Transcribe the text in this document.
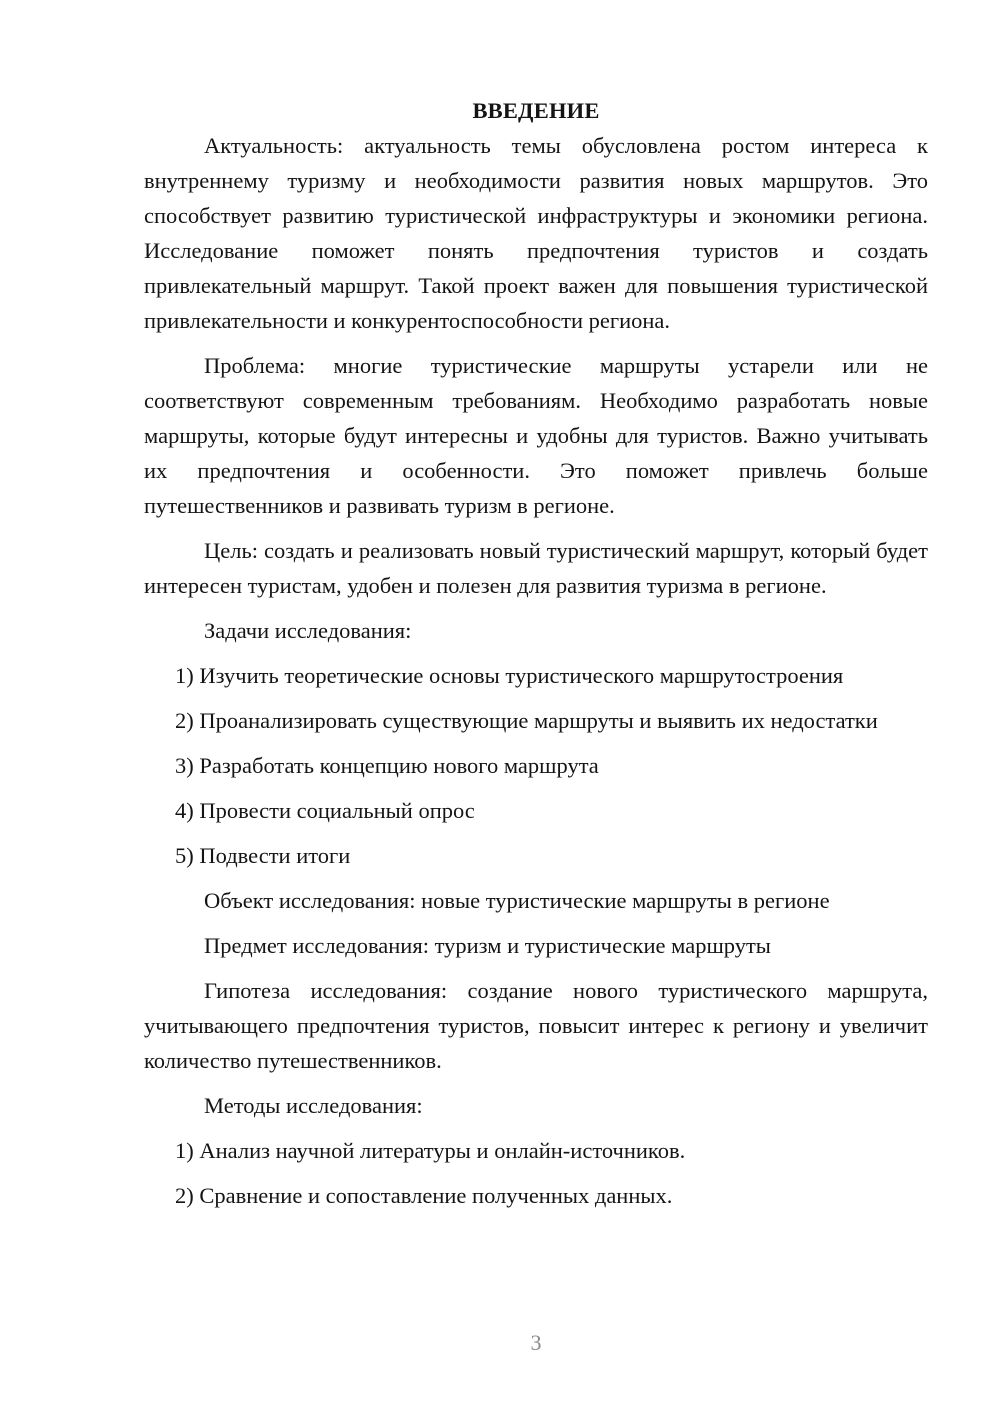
ВВЕДЕНИЕ

Актуальность: актуальность темы обусловлена ростом интереса к внутреннему туризму и необходимости развития новых маршрутов. Это способствует развитию туристической инфраструктуры и экономики региона. Исследование поможет понять предпочтения туристов и создать привлекательный маршрут. Такой проект важен для повышения туристической привлекательности и конкурентоспособности региона.

Проблема: многие туристические маршруты устарели или не соответствуют современным требованиям. Необходимо разработать новые маршруты, которые будут интересны и удобны для туристов. Важно учитывать их предпочтения и особенности. Это поможет привлечь больше путешественников и развивать туризм в регионе.

Цель: создать и реализовать новый туристический маршрут, который будет интересен туристам, удобен и полезен для развития туризма в регионе.

Задачи исследования:

1) Изучить теоретические основы туристического маршрутостроения

2) Проанализировать существующие маршруты и выявить их недостатки

3) Разработать концепцию нового маршрута

4) Провести социальный опрос

5) Подвести итоги

Объект исследования: новые туристические маршруты в регионе

Предмет исследования: туризм и туристические маршруты

Гипотеза исследования: создание нового туристического маршрута, учитывающего предпочтения туристов, повысит интерес к региону и увеличит количество путешественников.

Методы исследования:

1) Анализ научной литературы и онлайн-источников.

2) Сравнение и сопоставление полученных данных.

3
